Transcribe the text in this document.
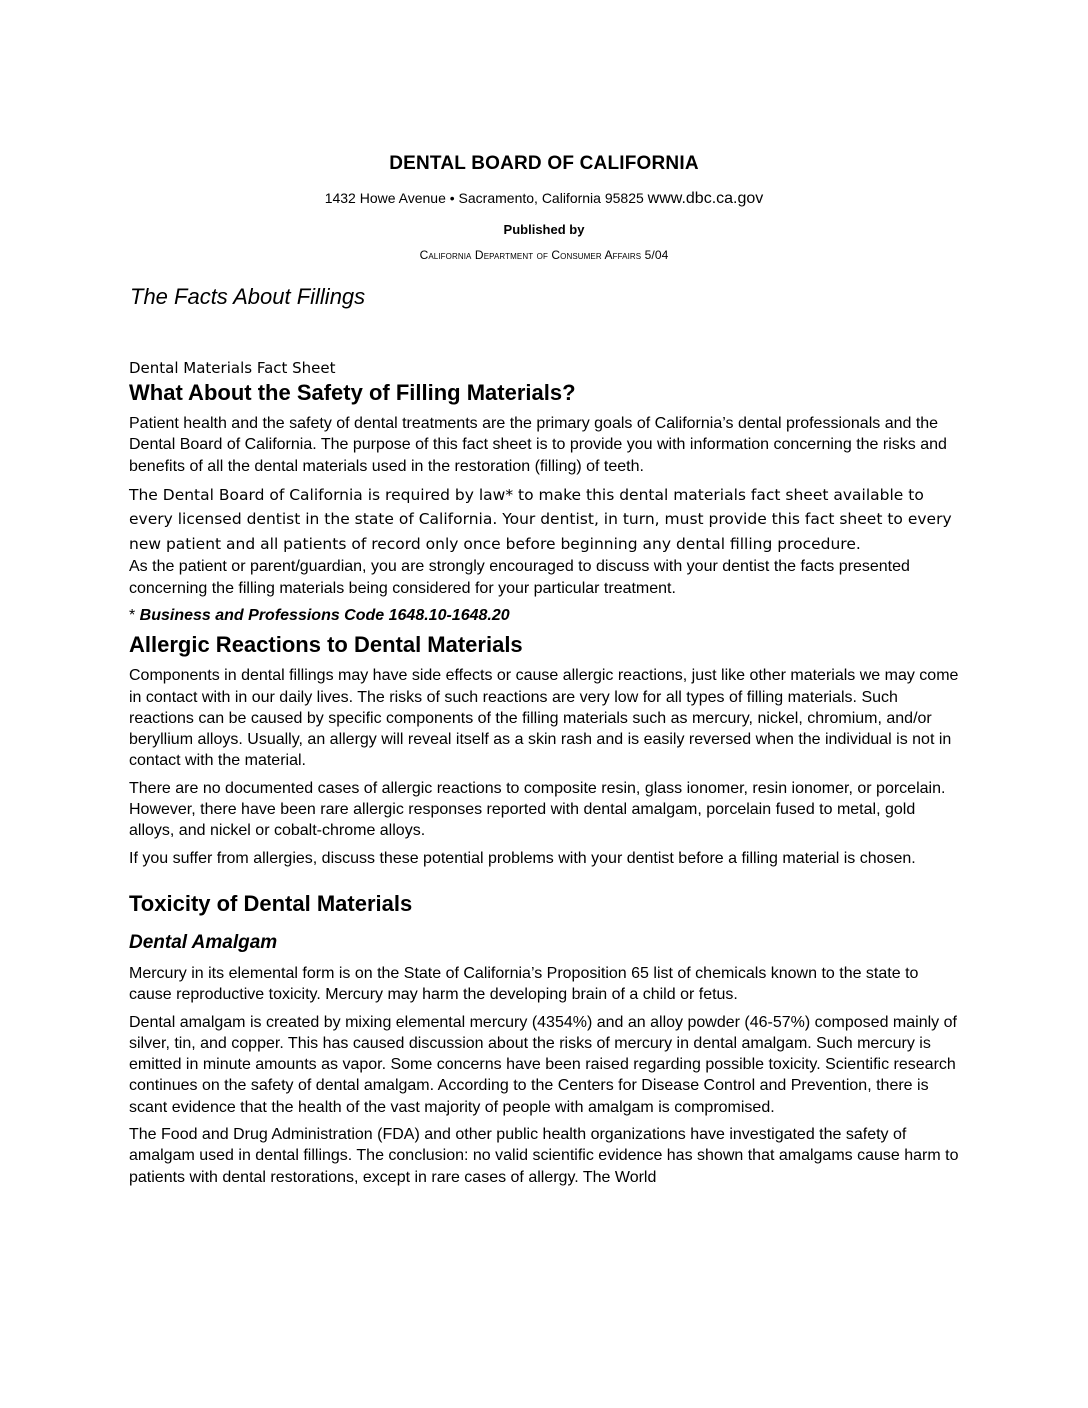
DENTAL BOARD OF CALIFORNIA
1432 Howe Avenue • Sacramento, California 95825 www.dbc.ca.gov
Published by
California Department of Consumer Affairs 5/04
The Facts About Fillings
Dental Materials Fact Sheet
What About the Safety of Filling Materials?

Patient health and the safety of dental treatments are the primary goals of California’s dental professionals and the Dental Board of California. The purpose of this fact sheet is to provide you with information concerning the risks and benefits of all the dental materials used in the restoration (filling) of teeth.

The Dental Board of California is required by law* to make this dental materials fact sheet available to every licensed dentist in the state of California. Your dentist, in turn, must provide this fact sheet to every new patient and all patients of record only once before beginning any dental filling procedure.

As the patient or parent/guardian, you are strongly encouraged to discuss with your dentist the facts presented concerning the filling materials being considered for your particular treatment.

* Business and Professions Code 1648.10-1648.20

Allergic Reactions to Dental Materials

Components in dental fillings may have side effects or cause allergic reactions, just like other materials we may come in contact with in our daily lives. The risks of such reactions are very low for all types of filling materials. Such reactions can be caused by specific components of the filling materials such as mercury, nickel, chromium, and/or beryllium alloys. Usually, an allergy will reveal itself as a skin rash and is easily reversed when the individual is not in contact with the material.

There are no documented cases of allergic reactions to composite resin, glass ionomer, resin ionomer, or porcelain. However, there have been rare allergic responses reported with dental amalgam, porcelain fused to metal, gold alloys, and nickel or cobalt-chrome alloys.

If you suffer from allergies, discuss these potential problems with your dentist before a filling material is chosen.

Toxicity of Dental Materials
Dental Amalgam

Mercury in its elemental form is on the State of California’s Proposition 65 list of chemicals known to the state to cause reproductive toxicity. Mercury may harm the developing brain of a child or fetus.

Dental amalgam is created by mixing elemental mercury (4354%) and an alloy powder (46-57%) composed mainly of silver, tin, and copper. This has caused discussion about the risks of mercury in dental amalgam. Such mercury is emitted in minute amounts as vapor. Some concerns have been raised regarding possible toxicity. Scientific research continues on the safety of dental amalgam. According to the Centers for Disease Control and Prevention, there is scant evidence that the health of the vast majority of people with amalgam is compromised.

The Food and Drug Administration (FDA) and other public health organizations have investigated the safety of amalgam used in dental fillings. The conclusion: no valid scientific evidence has shown that amalgams cause harm to patients with dental restorations, except in rare cases of allergy. The World
